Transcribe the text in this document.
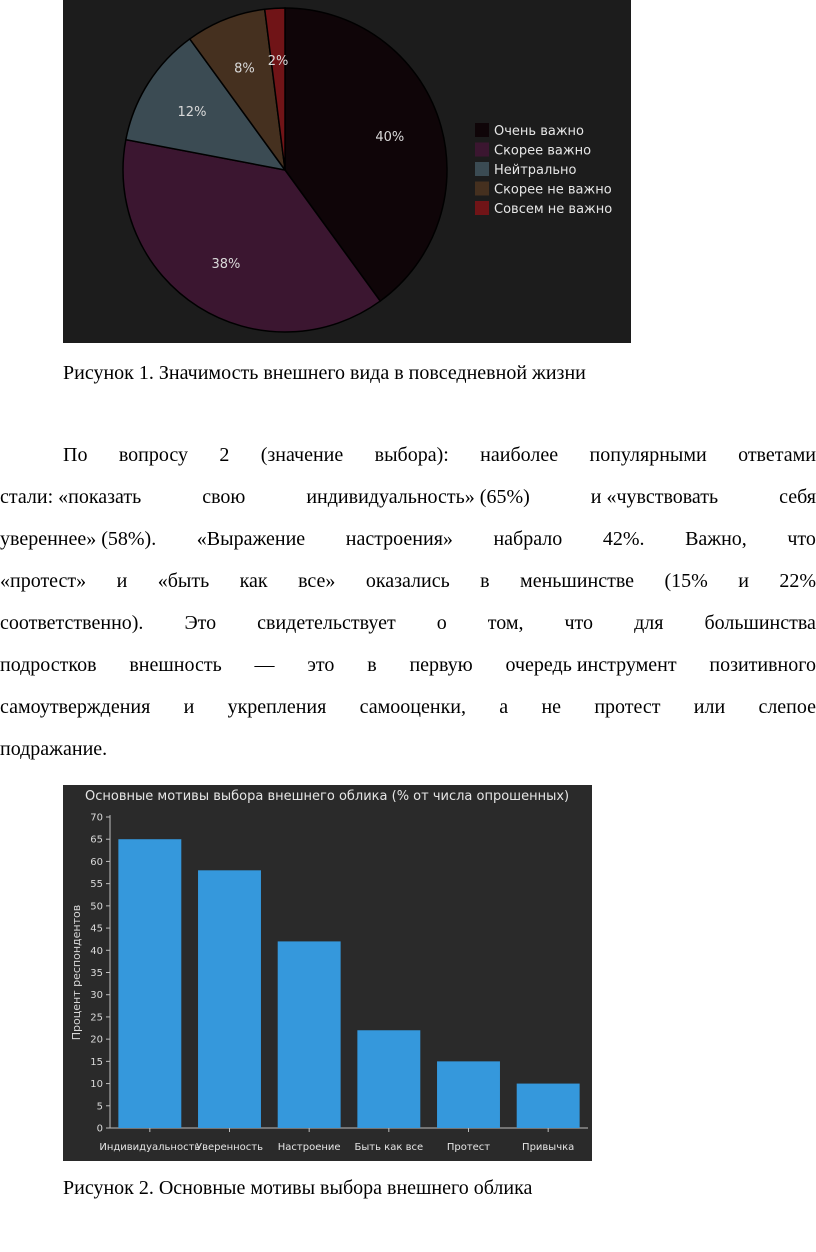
40%
38%
12%
8%
2%
Очень важно
Скорее важно
Нейтрально
Скорее не важно
Совсем не важно
Рисунок 1. Значимость внешнего вида в повседневной жизни
По вопросу 2 (значение выбора): наиболее популярными ответами
стали: «показать	свою	индивидуальность» (65%)	и «чувствовать	себя
увереннее» (58%). «Выражение настроения» набрало 42%. Важно, что
«протест» и «быть как все» оказались в меньшинстве (15% и 22%
соответственно). Это свидетельствует о том, что для большинства
подростков внешность — это в первую очередь инструмент позитивного
самоутверждения и укрепления самооценки, а не протест или слепое
подражание.
Основные мотивы выбора внешнего облика (% от числа опрошенных)
0
5
10
15
20
25
30
35
40
45
50
55
60
65
70
Процент респондентов
Индивидуальность
Уверенность Настроение Быть как все Протест	Привычка
Рисунок 2. Основные мотивы выбора внешнего облика
